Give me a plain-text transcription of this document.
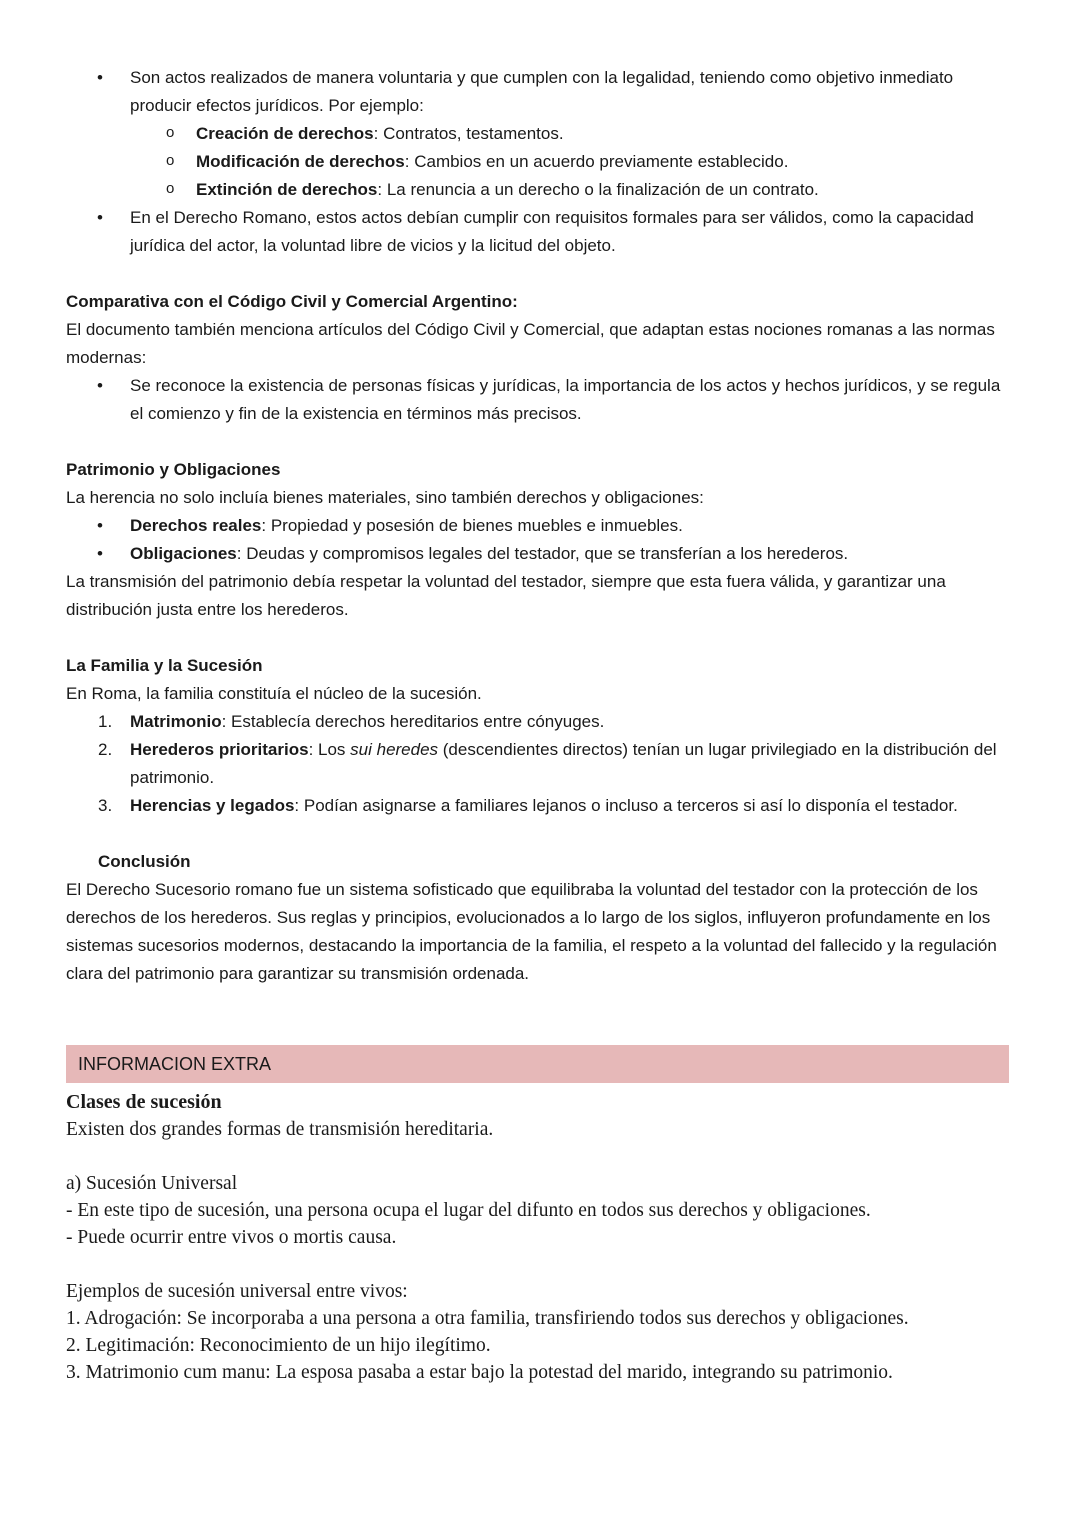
• Son actos realizados de manera voluntaria y que cumplen con la legalidad, teniendo como objetivo inmediato producir efectos jurídicos. Por ejemplo:

o Creación de derechos: Contratos, testamentos.
o Modificación de derechos: Cambios en un acuerdo previamente establecido.
o Extinción de derechos: La renuncia a un derecho o la finalización de un contrato.
• En el Derecho Romano, estos actos debían cumplir con requisitos formales para ser válidos, como la capacidad jurídica del actor, la voluntad libre de vicios y la licitud del objeto.

Comparativa con el Código Civil y Comercial Argentino:

El documento también menciona artículos del Código Civil y Comercial, que adaptan estas nociones romanas a las normas modernas:

• Se reconoce la existencia de personas físicas y jurídicas, la importancia de los actos y hechos jurídicos, y se regula el comienzo y fin de la existencia en términos más precisos.

Patrimonio y Obligaciones

La herencia no solo incluía bienes materiales, sino también derechos y obligaciones:

• Derechos reales: Propiedad y posesión de bienes muebles e inmuebles.
• Obligaciones: Deudas y compromisos legales del testador, que se transferían a los herederos.

La transmisión del patrimonio debía respetar la voluntad del testador, siempre que esta fuera válida, y garantizar una distribución justa entre los herederos.

La Familia y la Sucesión

En Roma, la familia constituía el núcleo de la sucesión.

1. Matrimonio: Establecía derechos hereditarios entre cónyuges.
2. Herederos prioritarios: Los sui heredes (descendientes directos) tenían un lugar privilegiado en la distribución del patrimonio.
3. Herencias y legados: Podían asignarse a familiares lejanos o incluso a terceros si así lo disponía el testador.

Conclusión

El Derecho Sucesorio romano fue un sistema sofisticado que equilibraba la voluntad del testador con la protección de los derechos de los herederos. Sus reglas y principios, evolucionados a lo largo de los siglos, influyeron profundamente en los sistemas sucesorios modernos, destacando la importancia de la familia, el respeto a la voluntad del fallecido y la regulación clara del patrimonio para garantizar su transmisión ordenada.

INFORMACION EXTRA

Clases de sucesión

Existen dos grandes formas de transmisión hereditaria.

a) Sucesión Universal

- En este tipo de sucesión, una persona ocupa el lugar del difunto en todos sus derechos y obligaciones.

- Puede ocurrir entre vivos o mortis causa.

Ejemplos de sucesión universal entre vivos:

1. Adrogación: Se incorporaba a una persona a otra familia, transfiriendo todos sus derechos y obligaciones.

2. Legitimación: Reconocimiento de un hijo ilegítimo.

3. Matrimonio cum manu: La esposa pasaba a estar bajo la potestad del marido, integrando su patrimonio.
